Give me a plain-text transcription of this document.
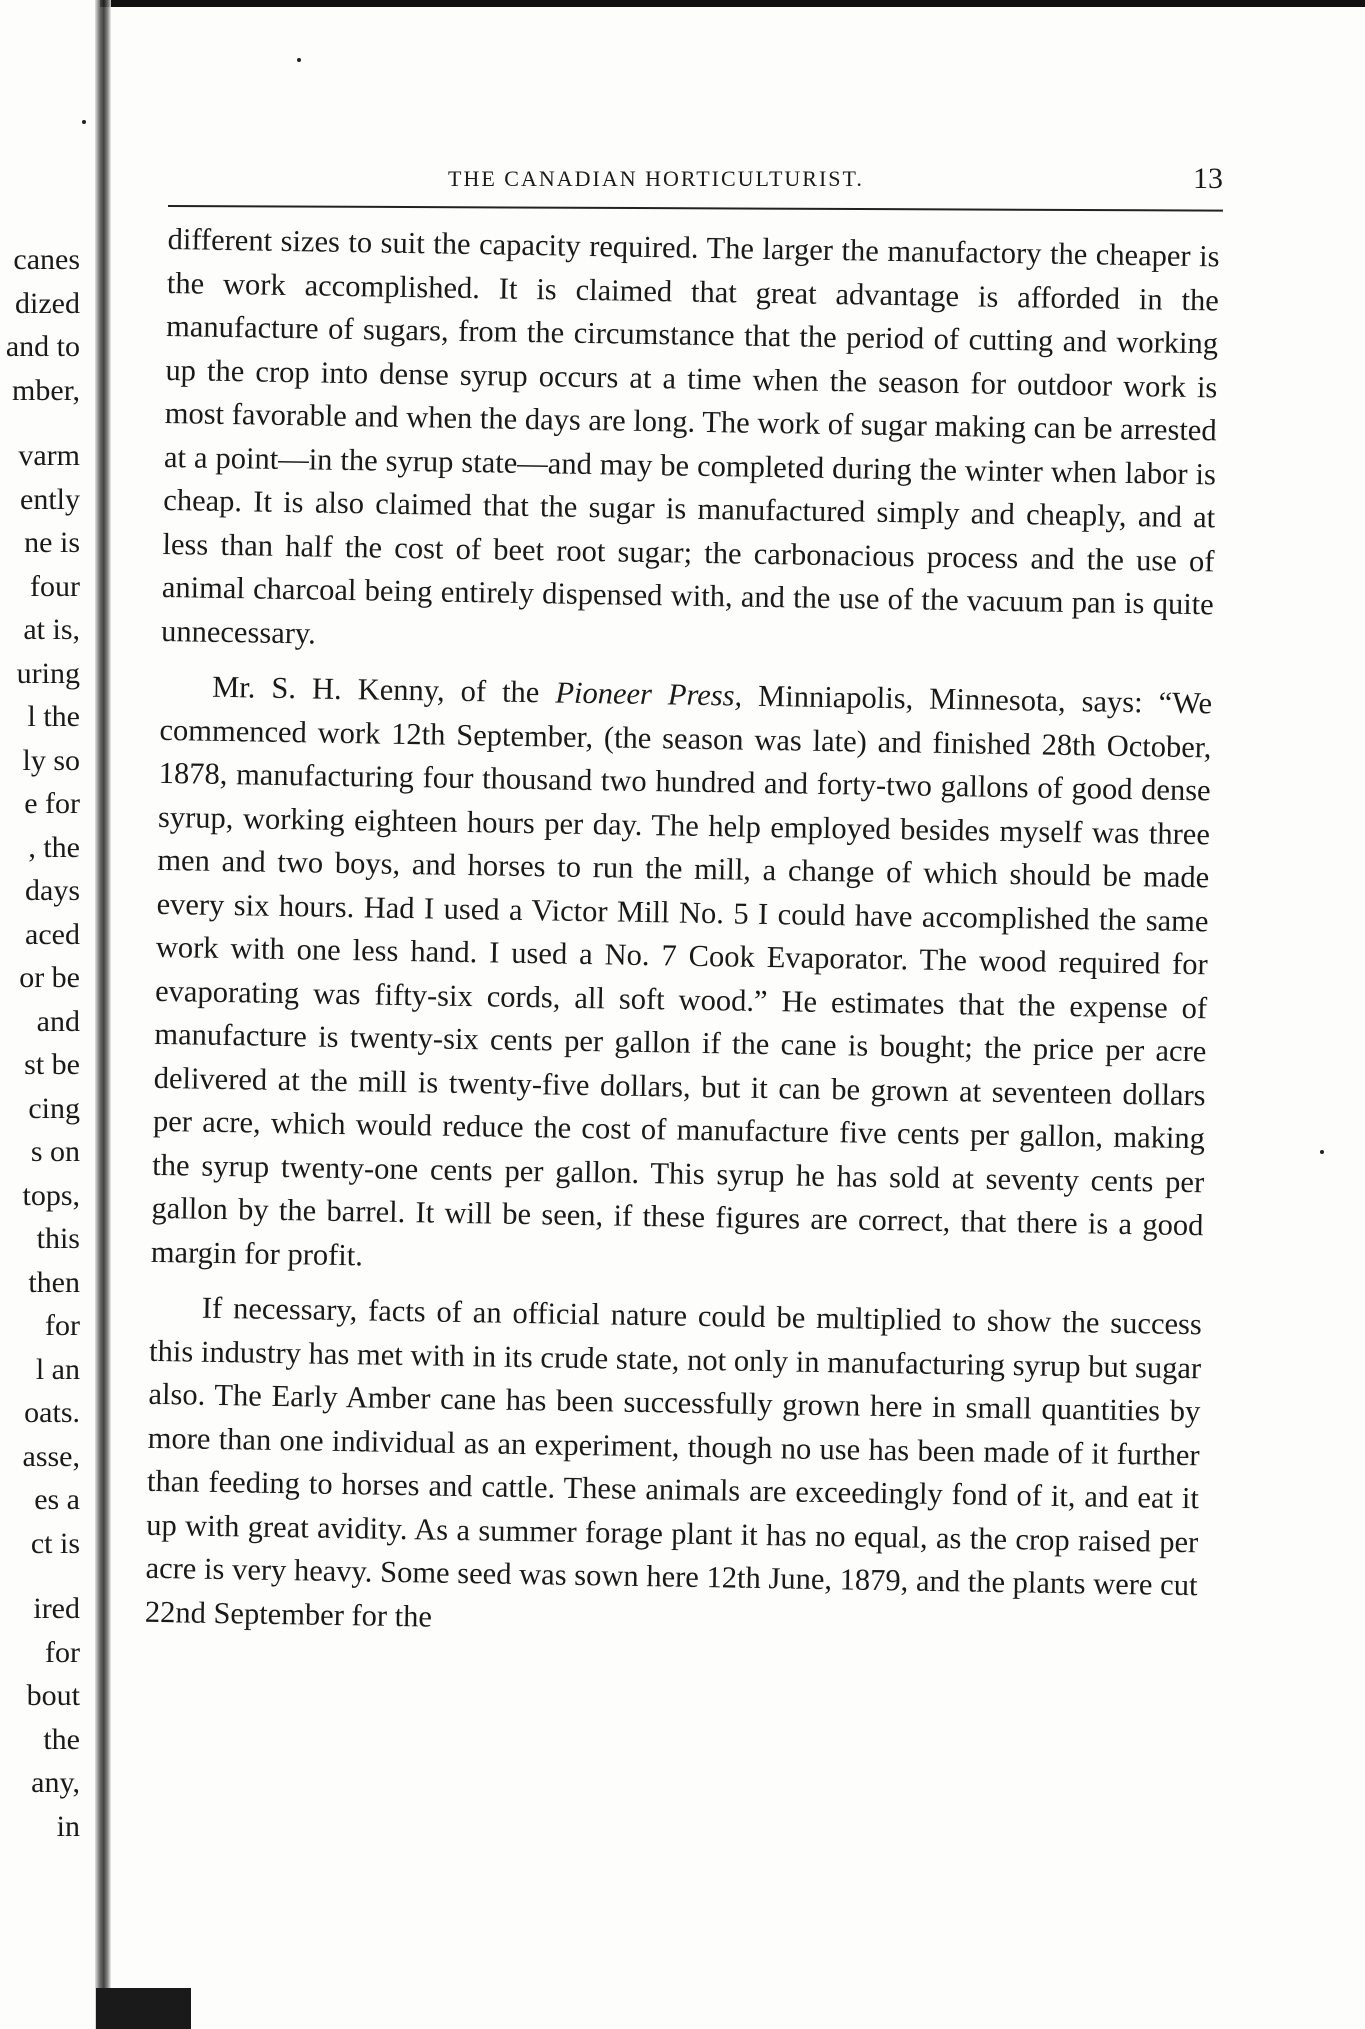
canes
dized
and to
mber,
varm
ently
ne is
four
at is,
uring
l the
ly so
e for
, the
days
aced
or be
and
st be
cing
s on
tops,
this
then
for
l an
oats.
asse,
es a
ct is
ired
for
bout
the
any,
in
THE CANADIAN HORTICULTURIST.	13

different sizes to suit the capacity required. The larger the manufactory the cheaper is the work accomplished. It is claimed that great advantage is afforded in the manufacture of sugars, from the circumstance that the period of cutting and working up the crop into dense syrup occurs at a time when the season for outdoor work is most favorable and when the days are long. The work of sugar making can be arrested at a point—in the syrup state—and may be completed during the winter when labor is cheap. It is also claimed that the sugar is manufactured simply and cheaply, and at less than half the cost of beet root sugar; the carbonacious process and the use of animal charcoal being entirely dispensed with, and the use of the vacuum pan is quite unnecessary.

Mr. S. H. Kenny, of the Pioneer Press, Minniapolis, Minnesota, says: “We commenced work 12th September, (the season was late) and finished 28th October, 1878, manufacturing four thousand two hundred and forty-two gallons of good dense syrup, working eighteen hours per day. The help employed besides myself was three men and two boys, and horses to run the mill, a change of which should be made every six hours. Had I used a Victor Mill No. 5 I could have accomplished the same work with one less hand. I used a No. 7 Cook Evaporator. The wood required for evaporating was fifty-six cords, all soft wood.” He estimates that the expense of manufacture is twenty-six cents per gallon if the cane is bought; the price per acre delivered at the mill is twenty-five dollars, but it can be grown at seventeen dollars per acre, which would reduce the cost of manufacture five cents per gallon, making the syrup twenty-one cents per gallon. This syrup he has sold at seventy cents per gallon by the barrel. It will be seen, if these figures are correct, that there is a good margin for profit.

If necessary, facts of an official nature could be multiplied to show the success this industry has met with in its crude state, not only in manufacturing syrup but sugar also. The Early Amber cane has been successfully grown here in small quantities by more than one individual as an experiment, though no use has been made of it further than feeding to horses and cattle. These animals are exceedingly fond of it, and eat it up with great avidity. As a summer forage plant it has no equal, as the crop raised per acre is very heavy. Some seed was sown here 12th June, 1879, and the plants were cut 22nd September for the
